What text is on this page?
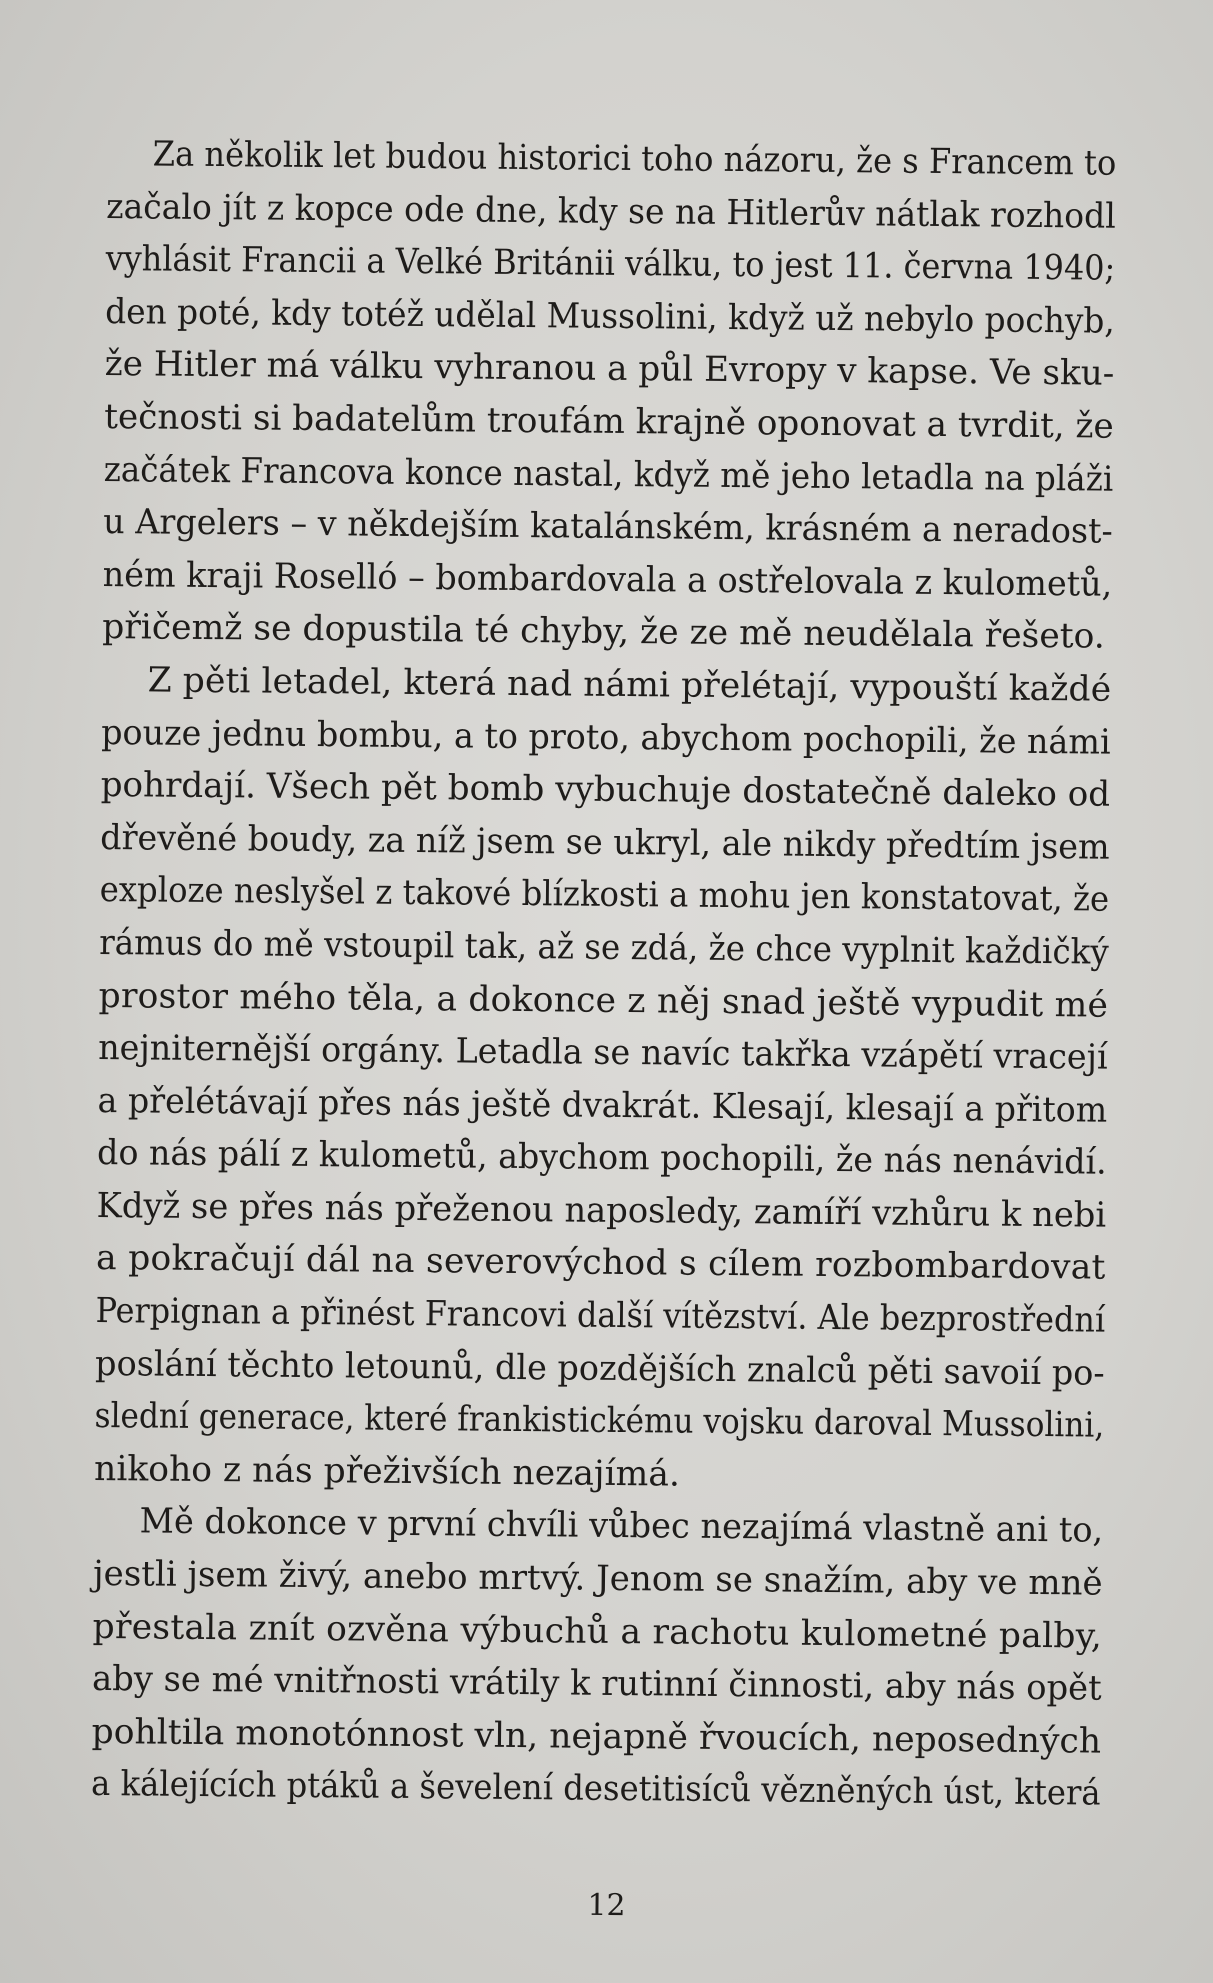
Za několik let budou historici toho názoru, že s Francem to
začalo jít z kopce ode dne, kdy se na Hitlerův nátlak rozhodl
vyhlásit Francii a Velké Británii válku, to jest 11. června 1940;
den poté, kdy totéž udělal Mussolini, když už nebylo pochyb,
že Hitler má válku vyhranou a půl Evropy v kapse. Ve sku-
tečnosti si badatelům troufám krajně oponovat a tvrdit, že
začátek Francova konce nastal, když mě jeho letadla na pláži
u Argelers – v někdejším katalánském, krásném a neradost-
ném kraji Roselló – bombardovala a ostřelovala z kulometů,
přičemž se dopustila té chyby, že ze mě neudělala řešeto.
Z pěti letadel, která nad námi přelétají, vypouští každé
pouze jednu bombu, a to proto, abychom pochopili, že námi
pohrdají. Všech pět bomb vybuchuje dostatečně daleko od
dřevěné boudy, za níž jsem se ukryl, ale nikdy předtím jsem
exploze neslyšel z takové blízkosti a mohu jen konstatovat, že
rámus do mě vstoupil tak, až se zdá, že chce vyplnit každičký
prostor mého těla, a dokonce z něj snad ještě vypudit mé
nejniternější orgány. Letadla se navíc takřka vzápětí vracejí
a přelétávají přes nás ještě dvakrát. Klesají, klesají a přitom
do nás pálí z kulometů, abychom pochopili, že nás nenávidí.
Když se přes nás přeženou naposledy, zamíří vzhůru k nebi
a pokračují dál na severovýchod s cílem rozbombardovat
Perpignan a přinést Francovi další vítězství. Ale bezprostřední
poslání těchto letounů, dle pozdějších znalců pěti savoií po-
slední generace, které frankistickému vojsku daroval Mussolini,
nikoho z nás přeživších nezajímá.
Mě dokonce v první chvíli vůbec nezajímá vlastně ani to,
jestli jsem živý, anebo mrtvý. Jenom se snažím, aby ve mně
přestala znít ozvěna výbuchů a rachotu kulometné palby,
aby se mé vnitřnosti vrátily k rutinní činnosti, aby nás opět
pohltila monotónnost vln, nejapně řvoucích, neposedných
a kálejících ptáků a ševelení desetitisíců vězněných úst, která
12
